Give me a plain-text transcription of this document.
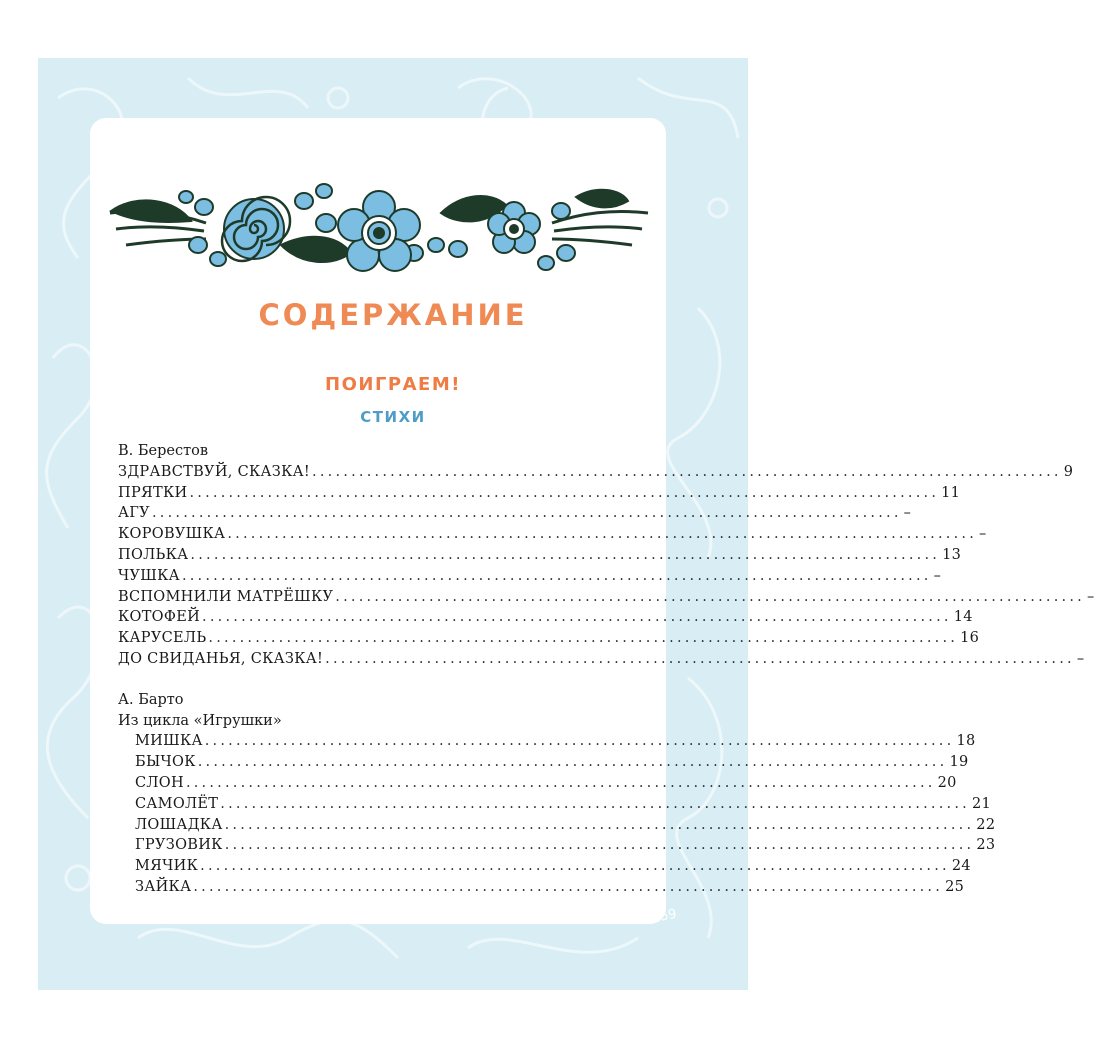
СОДЕРЖАНИЕ
ПОИГРАЕМ!
СТИХИ
В. Берестов
ЗДРАВСТВУЙ, СКАЗКА! ................................................................................................ 9
ПРЯТКИ ................................................................................................ 11
АГУ ................................................................................................ –
КОРОВУШКА ................................................................................................ –
ПОЛЬКА ................................................................................................ 13
ЧУШКА ................................................................................................ –
ВСПОМНИЛИ МАТРЁШКУ ................................................................................................ –
КОТОФЕЙ ................................................................................................ 14
КАРУСЕЛЬ ................................................................................................ 16
ДО СВИДАНЬЯ, СКАЗКА! ................................................................................................ –
А. Барто
Из цикла «Игрушки»
МИШКА ................................................................................................ 18
БЫЧОК ................................................................................................ 19
СЛОН ................................................................................................ 20
САМОЛЁТ ................................................................................................ 21
ЛОШАДКА ................................................................................................ 22
ГРУЗОВИК ................................................................................................ 23
МЯЧИК ................................................................................................ 24
ЗАЙКА ................................................................................................ 25
259
